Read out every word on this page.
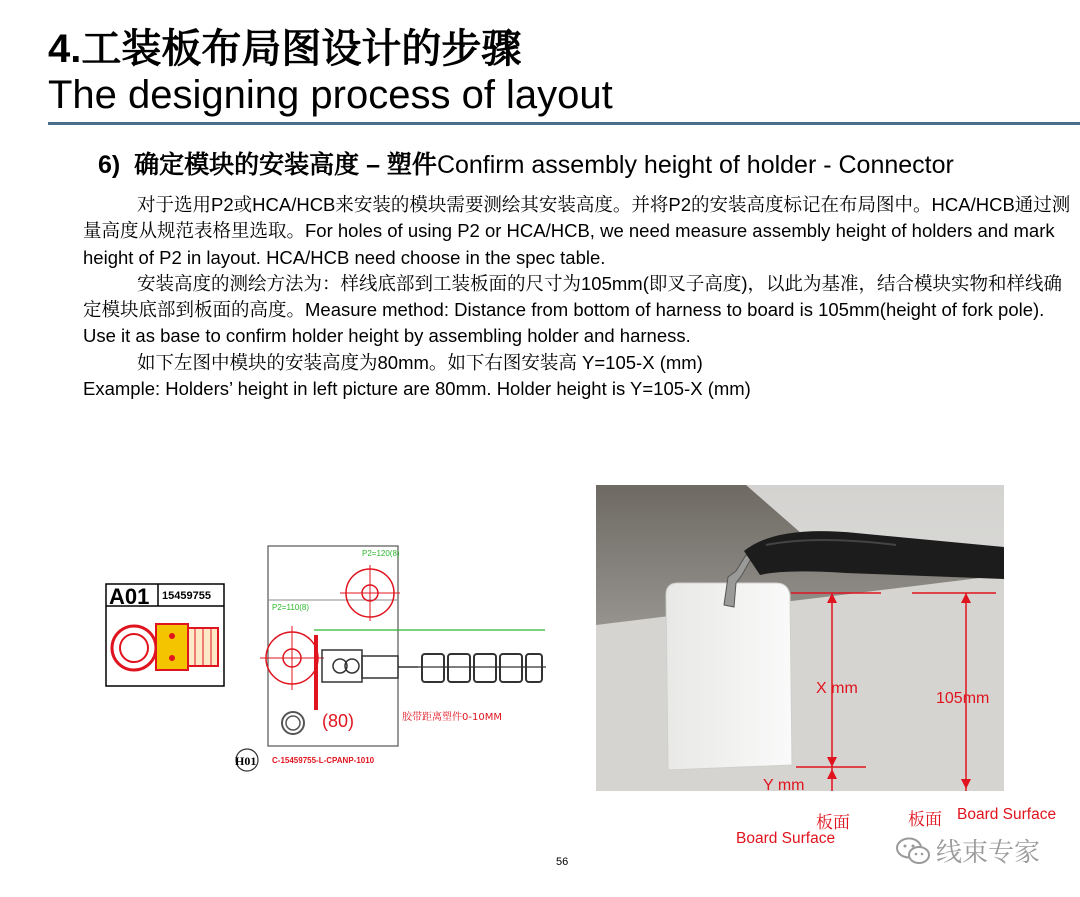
4.工装板布局图设计的步骤
The designing process of layout
6) 确定模块的安装高度 – 塑件Confirm assembly height of holder - Connector

对于选用P2或HCA/HCB来安装的模块需要测绘其安装高度。并将P2的安装高度标记在布局图中。HCA/HCB通过测量高度从规范表格里选取。For holes of using P2 or HCA/HCB, we need measure assembly height of holders and mark height of P2 in layout. HCA/HCB need choose in the spec table.

安装高度的测绘方法为：样线底部到工装板面的尺寸为105mm(即叉子高度)，以此为基准，结合模块实物和样线确定模块底部到板面的高度。Measure method: Distance from bottom of harness to board is 105mm(height of fork pole). Use it as base to confirm holder height by assembling holder and harness.

如下左图中模块的安装高度为80mm。如下右图安装高 Y=105-X (mm)

Example: Holders’ height in left picture are 80mm. Holder height is Y=105-X (mm)

A01 15459755
P2=120(8)
P2=110(8)
(80)	胶带距离塑件0-10MM
H01 C-15459755-L-CPANP-1010
X mm
105mm
Y mm
板面
Board Surface
板面 Board Surface
56	线束专家
